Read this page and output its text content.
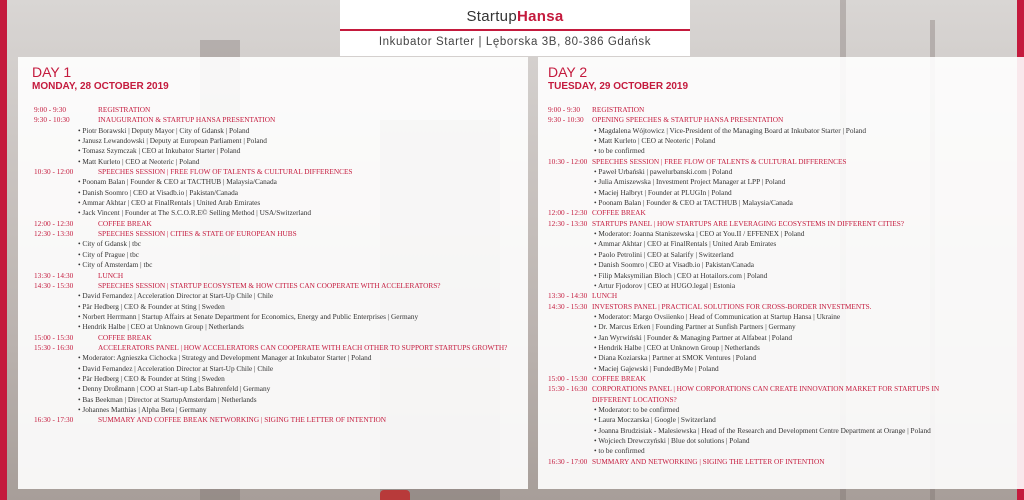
StartupHansa
Inkubator Starter | Lęborska 3B, 80-386 Gdańsk
DAY 1
MONDAY, 28 OCTOBER 2019
9:00 - 9:30	REGISTRATION
9:30 - 10:30	INAUGURATION & STARTUP HANSA PRESENTATION
• Piotr Borawski | Deputy Mayor | City of Gdansk | Poland
• Janusz Lewandowski | Deputy at European Parliament | Poland
• Tomasz Szymczak | CEO at Inkubator Starter | Poland
• Matt Kurleto | CEO at Neoteric | Poland
10:30 - 12:00	SPEECHES SESSION | FREE FLOW OF TALENTS & CULTURAL DIFFERENCES
• Poonam Balan | Founder & CEO at TACTHUB | Malaysia/Canada
• Danish Soomro | CEO at Visadb.io | Pakistan/Canada
• Ammar Akhtar | CEO at FinalRentals | United Arab Emirates
• Jack Vincent | Founder at The S.C.O.R.E© Selling Method | USA/Switzerland
12:00 - 12:30	COFFEE BREAK
12:30 - 13:30	SPEECHES SESSION | CITIES & STATE OF EUROPEAN HUBS
• City of Gdansk | tbc
• City of Prague | tbc
• City of Amsterdam | tbc
13:30 - 14:30	LUNCH
14:30 - 15:30	SPEECHES SESSION | STARTUP ECOSYSTEM & HOW CITIES CAN COOPERATE WITH ACCELERATORS?
• David Fernandez | Acceleration Director at Start-Up Chile | Chile
• Pär Hedberg | CEO & Founder at Sting | Sweden
• Norbert Herrmann | Startup Affairs at Senate Department for Economics, Energy and Public Enterprises | Germany
• Hendrik Halbe | CEO at Unknown Group | Netherlands
15:00 - 15:30	COFFEE BREAK
15:30 - 16:30	ACCELERATORS PANEL | HOW ACCELERATORS CAN COOPERATE WITH EACH OTHER TO SUPPORT STARTUPS GROWTH?
• Moderator: Agnieszka Cichocka | Strategy and Development Manager at Inkubator Starter | Poland
• David Fernandez | Acceleration Director at Start-Up Chile | Chile
• Pär Hedberg | CEO & Founder at Sting | Sweden
• Denny Droßmann | COO at Start-up Labs Bahrenfeld | Germany
• Bas Beekman | Director at StartupAmsterdam | Netherlands
• Johannes Matthias | Alpha Beta | Germany
16:30 - 17:30	SUMMARY AND COFFEE BREAK NETWORKING | SIGING THE LETTER OF INTENTION
DAY 2
TUESDAY, 29 OCTOBER 2019
9:00 - 9:30 REGISTRATION
9:30 - 10:30 OPENING SPEECHES & STARTUP HANSA PRESENTATION
• Magdalena Wójtowicz | Vice-President of the Managing Board at Inkubator Starter | Poland
• Matt Kurleto | CEO at Neoteric | Poland
• to be confirmed
10:30 - 12:00 SPEECHES SESSION | FREE FLOW OF TALENTS & CULTURAL DIFFERENCES
• Paweł Urbański | pawelurbanski.com | Poland
• Julia Amiszewska | Investment Project Manager at LPP | Poland
• Maciej Halbryt | Founder at PLUGIn | Poland
• Poonam Balan | Founder & CEO at TACTHUB | Malaysia/Canada
12:00 - 12:30 COFFEE BREAK
12:30 - 13:30 STARTUPS PANEL | HOW STARTUPS ARE LEVERAGING ECOSYSTEMS IN DIFFERENT CITIES?
• Moderator: Joanna Staniszewska | CEO at You.II / EFFENEX | Poland
• Ammar Akhtar | CEO at FinalRentals | United Arab Emirates
• Paolo Petrolini | CEO at Salarify | Switzerland
• Danish Soomro | CEO at Visadb.io | Pakistan/Canada
• Filip Maksymilian Bloch | CEO at Hotailors.com | Poland
• Artur Fjodorov | CEO at HUGO.legal | Estonia
13:30 - 14:30 LUNCH
14:30 - 15:30 INVESTORS PANEL | PRACTICAL SOLUTIONS FOR CROSS-BORDER INVESTMENTS.
• Moderator: Margo Ovsiienko | Head of Communication at Startup Hansa | Ukraine
• Dr. Marcus Erken | Founding Partner at Sunfish Partners | Germany
• Jan Wyrwiński | Founder & Managing Partner at Alfabeat | Poland
• Hendrik Halbe | CEO at Unknown Group | Netherlands
• Diana Koziarska | Partner at SMOK Ventures | Poland
• Maciej Gajewski | FundedByMe | Poland
15:00 - 15:30 COFFEE BREAK
15:30 - 16:30 CORPORATIONS PANEL | HOW CORPORATIONS CAN CREATE INNOVATION MARKET FOR STARTUPS IN
DIFFERENT LOCATIONS?
• Moderator: to be confirmed
• Laura Moczarska | Google | Switzerland
• Joanna Brudzisiak - Malesiewska | Head of the Research and Development Centre Department at Orange | Poland
• Wojciech Drewczyński | Blue dot solutions | Poland
• to be confirmed
16:30 - 17:00 SUMMARY AND NETWORKING | SIGING THE LETTER OF INTENTION
